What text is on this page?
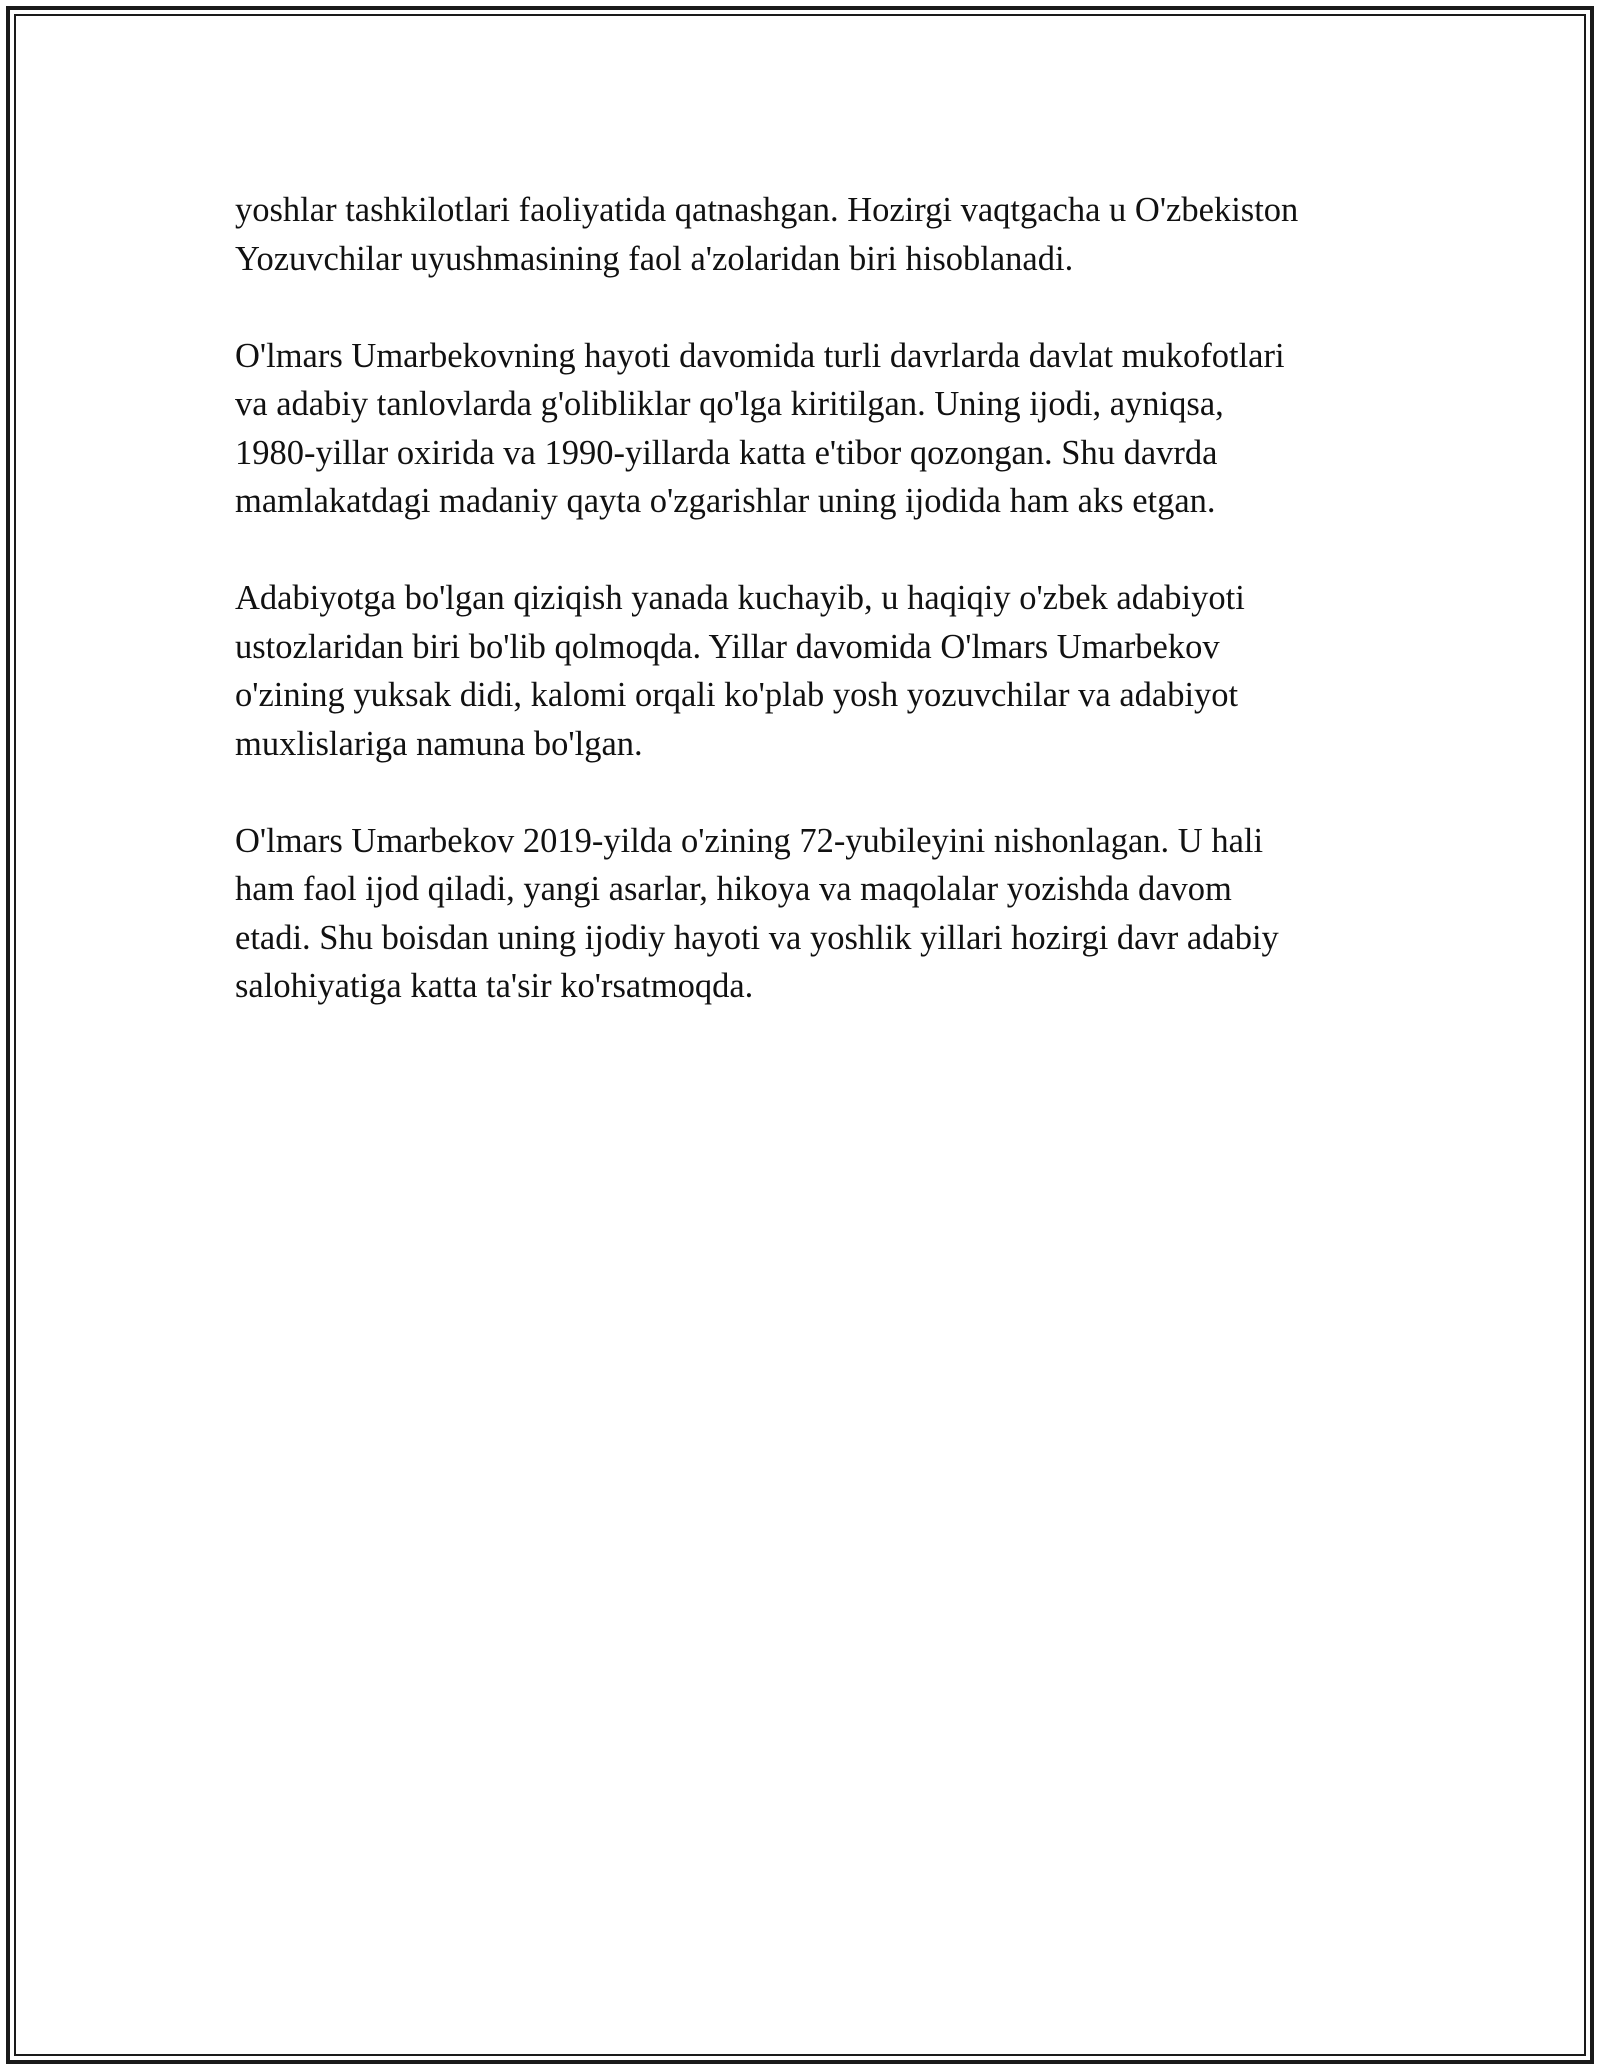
yoshlar tashkilotlari faoliyatida qatnashgan. Hozirgi vaqtgacha u O'zbekiston
Yozuvchilar uyushmasining faol a'zolaridan biri hisoblanadi.

O'lmars Umarbekovning hayoti davomida turli davrlarda davlat mukofotlari
va adabiy tanlovlarda g'olibliklar qo'lga kiritilgan. Uning ijodi, ayniqsa,
1980-yillar oxirida va 1990-yillarda katta e'tibor qozongan. Shu davrda
mamlakatdagi madaniy qayta o'zgarishlar uning ijodida ham aks etgan.

Adabiyotga bo'lgan qiziqish yanada kuchayib, u haqiqiy o'zbek adabiyoti
ustozlaridan biri bo'lib qolmoqda. Yillar davomida O'lmars Umarbekov
o'zining yuksak didi, kalomi orqali ko'plab yosh yozuvchilar va adabiyot
muxlislariga namuna bo'lgan.

O'lmars Umarbekov 2019-yilda o'zining 72-yubileyini nishonlagan. U hali
ham faol ijod qiladi, yangi asarlar, hikoya va maqolalar yozishda davom
etadi. Shu boisdan uning ijodiy hayoti va yoshlik yillari hozirgi davr adabiy
salohiyatiga katta ta'sir ko'rsatmoqda.
